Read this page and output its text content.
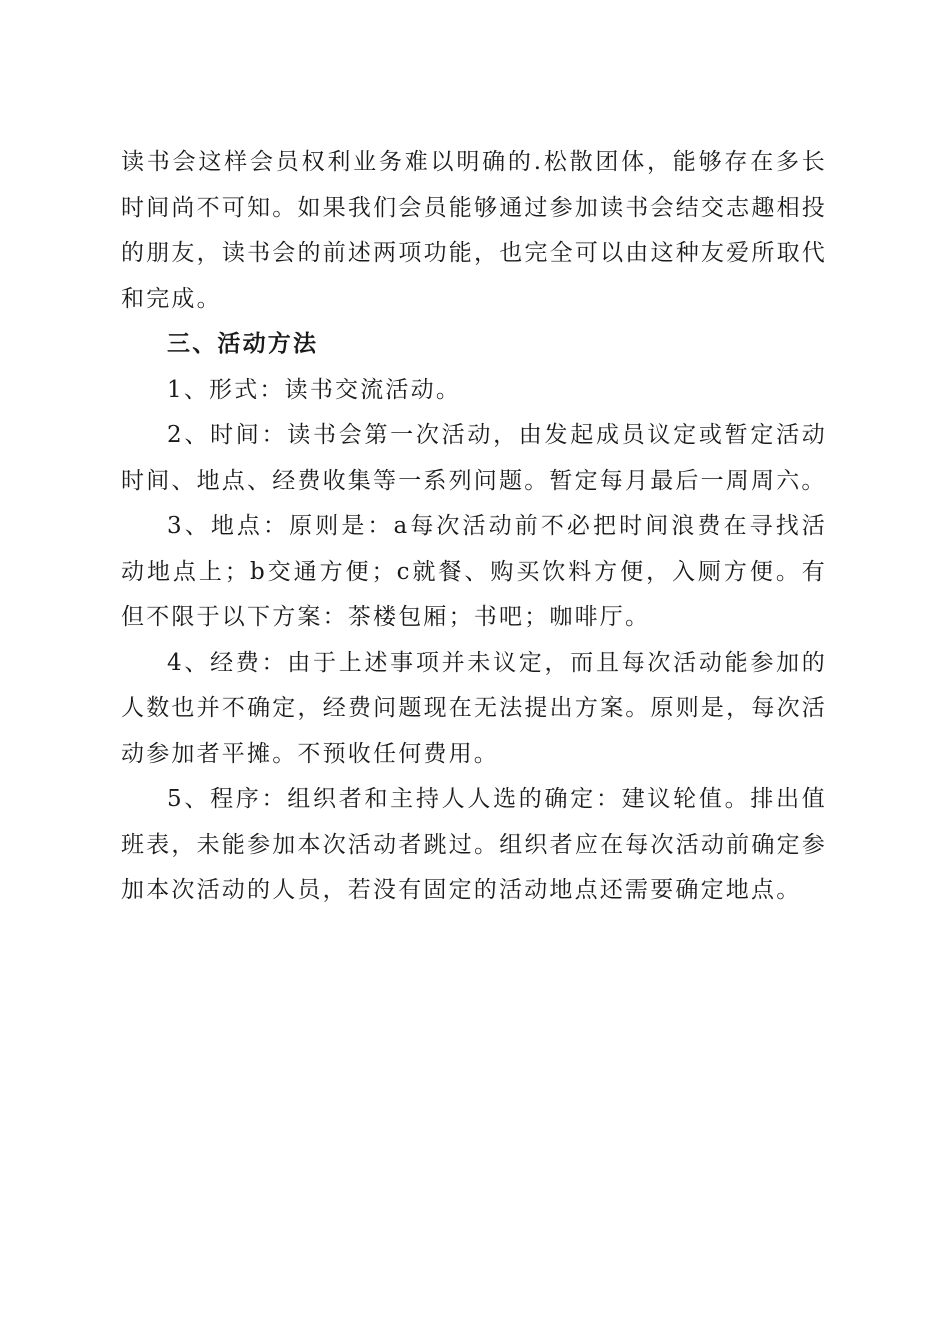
读书会这样会员权利业务难以明确的.松散团体，能够存在多长时间尚不可知。如果我们会员能够通过参加读书会结交志趣相投的朋友，读书会的前述两项功能，也完全可以由这种友爱所取代和完成。

三、活动方法

1、形式：读书交流活动。

2、时间：读书会第一次活动，由发起成员议定或暂定活动时间、地点、经费收集等一系列问题。暂定每月最后一周周六。

3、地点：原则是：a每次活动前不必把时间浪费在寻找活动地点上；b交通方便；c就餐、购买饮料方便，入厕方便。有但不限于以下方案：茶楼包厢；书吧；咖啡厅。

4、经费：由于上述事项并未议定，而且每次活动能参加的人数也并不确定，经费问题现在无法提出方案。原则是，每次活动参加者平摊。不预收任何费用。

5、程序：组织者和主持人人选的确定：建议轮值。排出值班表，未能参加本次活动者跳过。组织者应在每次活动前确定参加本次活动的人员，若没有固定的活动地点还需要确定地点。
